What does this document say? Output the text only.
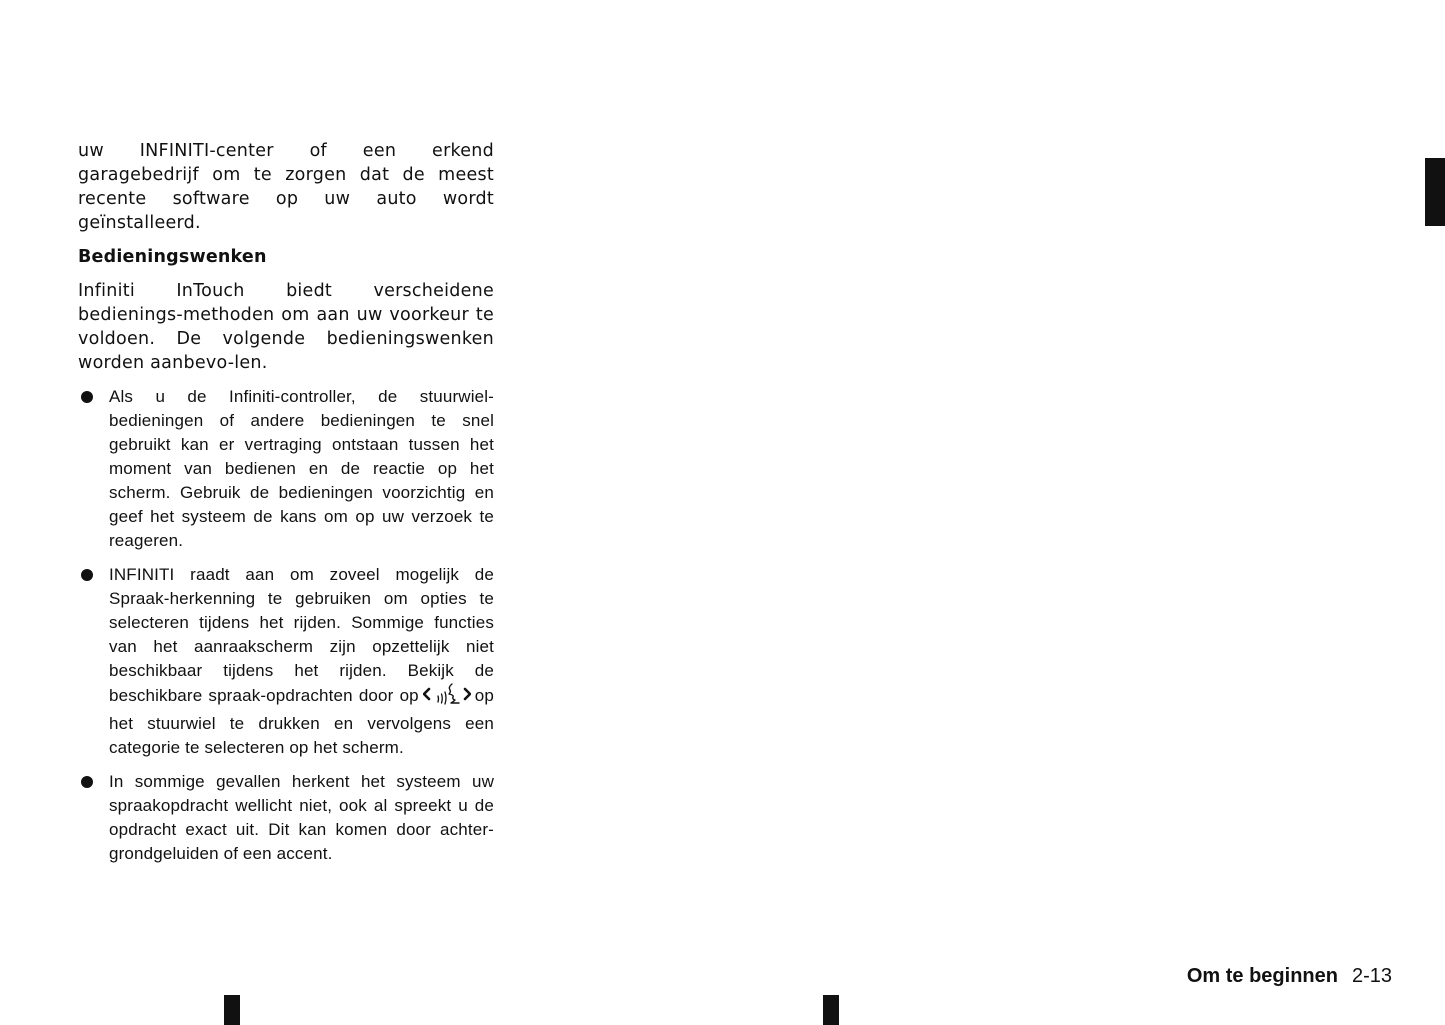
uw INFINITI-center of een erkend garagebedrijf om te zorgen dat de meest recente software op uw auto wordt geïnstalleerd.

Bedieningswenken

Infiniti InTouch biedt verscheidene bedienings-methoden om aan uw voorkeur te voldoen. De volgende bedieningswenken worden aanbevo-len.

Als u de Infiniti-controller, de stuurwiel-bedieningen of andere bedieningen te snel gebruikt kan er vertraging ontstaan tussen het moment van bedienen en de reactie op het scherm. Gebruik de bedieningen voorzichtig en geef het systeem de kans om op uw verzoek te reageren.

INFINITI raadt aan om zoveel mogelijk de Spraak-herkenning te gebruiken om opties te selecteren tijdens het rijden. Sommige functies van het aanraakscherm zijn opzettelijk niet beschikbaar tijdens het rijden. Bekijk de beschikbare spraak-opdrachten door op	op het stuurwiel te drukken en vervolgens een categorie te selecteren op het scherm.

In sommige gevallen herkent het systeem uw spraakopdracht wellicht niet, ook al spreekt u de opdracht exact uit. Dit kan komen door achter-grondgeluiden of een accent.

Om te beginnen 2-13
